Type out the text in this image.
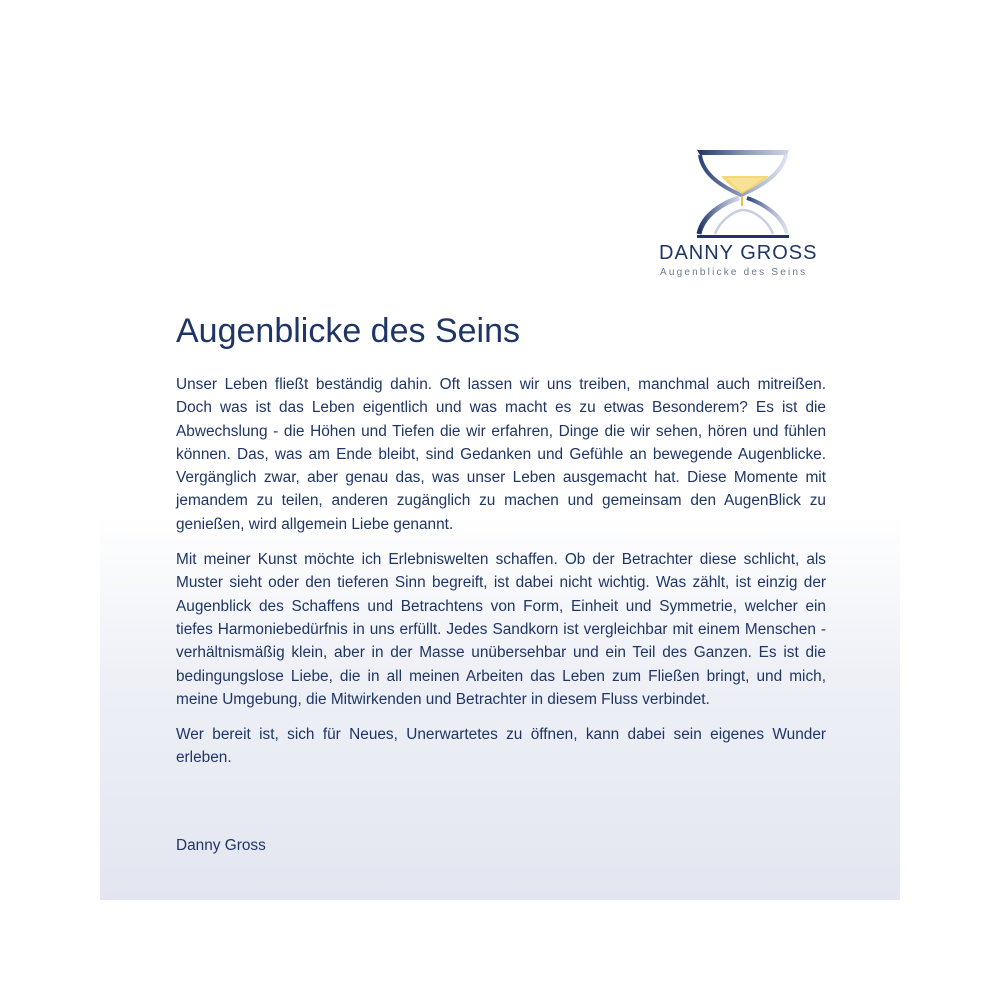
DANNY GROSS
Augenblicke des Seins
Augenblicke des Seins

Unser Leben fließt beständig dahin. Oft lassen wir uns treiben, manchmal auch mitreißen. Doch was ist das Leben eigentlich und was macht es zu etwas Besonderem? Es ist die Abwechslung - die Höhen und Tiefen die wir erfahren, Dinge die wir sehen, hören und fühlen können. Das, was am Ende bleibt, sind Gedanken und Gefühle an bewegende Augenblicke. Vergänglich zwar, aber genau das, was unser Leben ausgemacht hat. Diese Momente mit jemandem zu teilen, anderen zugänglich zu machen und gemeinsam den AugenBlick zu genießen, wird allgemein Liebe genannt.

Mit meiner Kunst möchte ich Erlebniswelten schaffen. Ob der Betrachter diese schlicht, als Muster sieht oder den tieferen Sinn begreift, ist dabei nicht wichtig. Was zählt, ist einzig der Augenblick des Schaffens und Betrachtens von Form, Einheit und Symmetrie, welcher ein tiefes Harmoniebedürfnis in uns erfüllt. Jedes Sandkorn ist vergleichbar mit einem Menschen - verhältnismäßig klein, aber in der Masse unübersehbar und ein Teil des Ganzen. Es ist die bedingungslose Liebe, die in all meinen Arbeiten das Leben zum Fließen bringt, und mich, meine Umgebung, die Mitwirkenden und Betrachter in diesem Fluss verbindet.

Wer bereit ist, sich für Neues, Unerwartetes zu öffnen, kann dabei sein eigenes Wunder erleben.

Danny Gross
